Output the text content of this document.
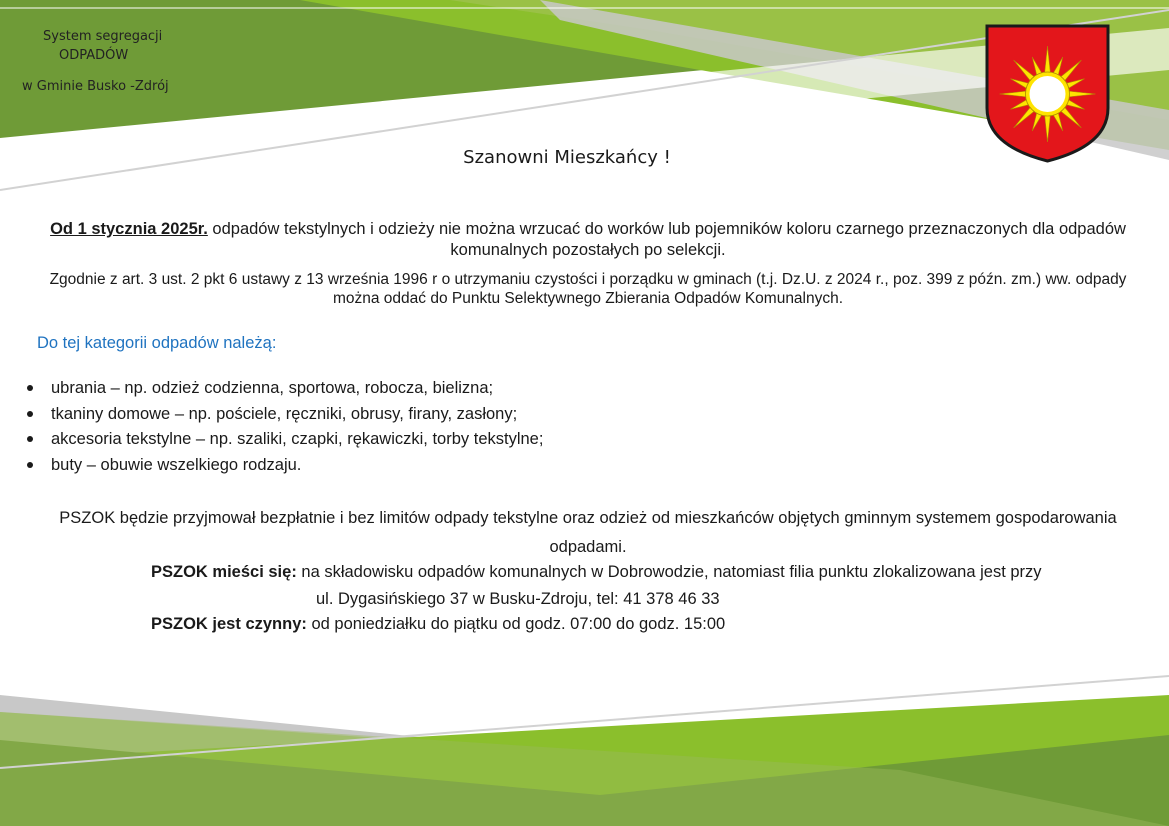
System segregacji
ODPADÓW
w Gminie Busko -Zdrój
Szanowni Mieszkańcy !
Od 1 stycznia 2025r. odpadów tekstylnych i odzieży nie można wrzucać do worków lub pojemników koloru czarnego przeznaczonych dla odpadów komunalnych pozostałych po selekcji.
Zgodnie z art. 3 ust. 2 pkt 6 ustawy z 13 września 1996 r o utrzymaniu czystości i porządku w gminach (t.j. Dz.U. z 2024 r., poz. 399 z późn. zm.) ww. odpady można oddać do Punktu Selektywnego Zbierania Odpadów Komunalnych.
Do tej kategorii odpadów należą:
ubrania – np. odzież codzienna, sportowa, robocza, bielizna;
tkaniny domowe – np. pościele, ręczniki, obrusy, firany, zasłony;
akcesoria tekstylne – np. szaliki, czapki, rękawiczki, torby tekstylne;
buty – obuwie wszelkiego rodzaju.
PSZOK będzie przyjmował bezpłatnie i bez limitów odpady tekstylne oraz odzież od mieszkańców objętych gminnym systemem gospodarowania odpadami.
PSZOK mieści się: na składowisku odpadów komunalnych w Dobrowodzie, natomiast filia punktu zlokalizowana jest przy
ul. Dygasińskiego 37 w Busku-Zdroju, tel: 41 378 46 33
PSZOK jest czynny: od poniedziałku do piątku od godz. 07:00 do godz. 15:00
